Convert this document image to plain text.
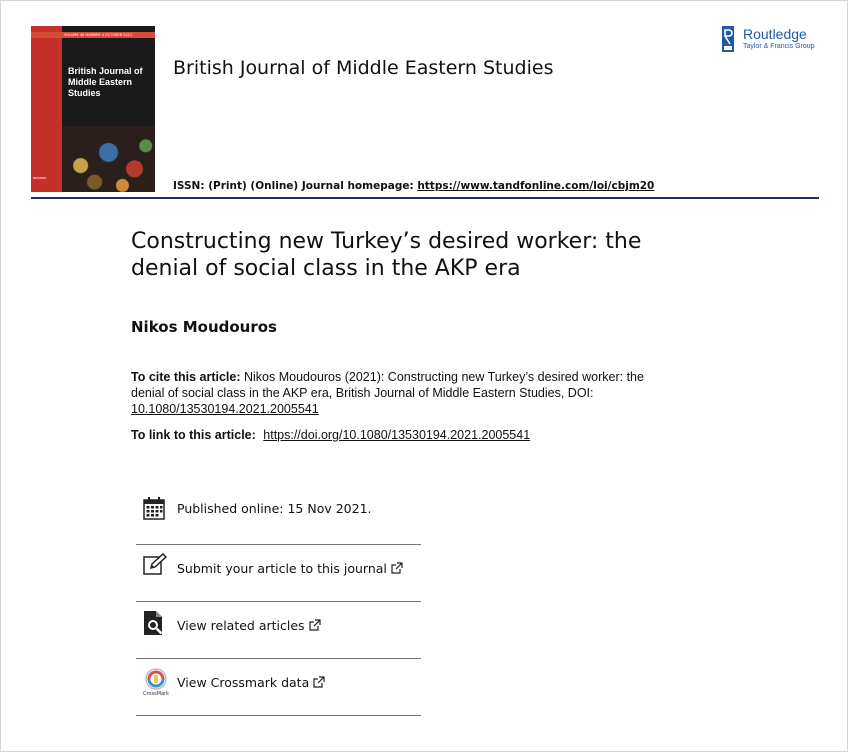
VOLUME 48 NUMBER 4 OCTOBER 2021
British Journal of Middle Eastern Studies
BRISMES
British Journal of Middle Eastern Studies
ISSN: (Print) (Online) Journal homepage: https://www.tandfonline.com/loi/cbjm20
Routledge
Taylor & Francis Group
Constructing new Turkey’s desired worker: the denial of social class in the AKP era
Nikos Moudouros
To cite this article: Nikos Moudouros (2021): Constructing new Turkey’s desired worker: the denial of social class in the AKP era, British Journal of Middle Eastern Studies, DOI: 10.1080/13530194.2021.2005541
To link to this article: https://doi.org/10.1080/13530194.2021.2005541
Published online: 15 Nov 2021.
Submit your article to this journal
View related articles
CrossMark
View Crossmark data
